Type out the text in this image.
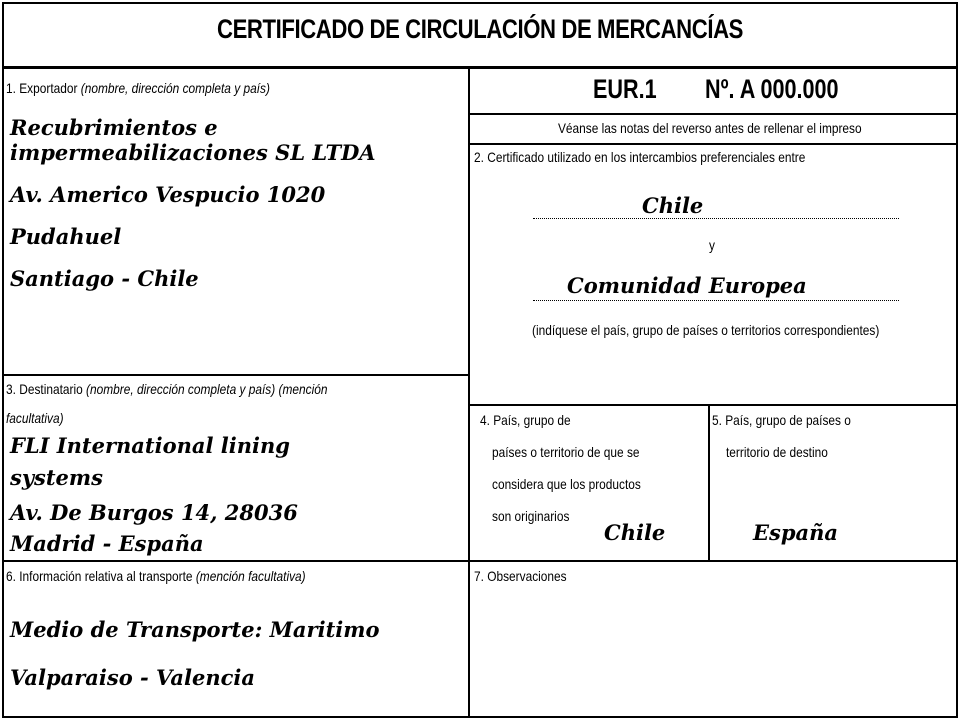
CERTIFICADO DE CIRCULACIÓN DE MERCANCÍAS
EUR.1 Nº. A 000.000
Véanse las notas del reverso antes de rellenar el impreso
1. Exportador (nombre, dirección completa y país)
Recubrimientos e
impermeabilizaciones SL LTDA
Av. Americo Vespucio 1020
Pudahuel
Santiago - Chile
2. Certificado utilizado en los intercambios preferenciales entre
Chile
y
Comunidad Europea
(indíquese el país, grupo de países o territorios correspondientes)
3. Destinatario (nombre, dirección completa y país) (mención
facultativa)
FLI International lining
systems
Av. De Burgos 14, 28036
Madrid - España
4. País, grupo de
países o territorio de que se
considera que los productos
son originarios
Chile
5. País, grupo de países o
territorio de destino
España
6. Información relativa al transporte (mención facultativa)
Medio de Transporte: Maritimo
Valparaiso - Valencia
7. Observaciones
